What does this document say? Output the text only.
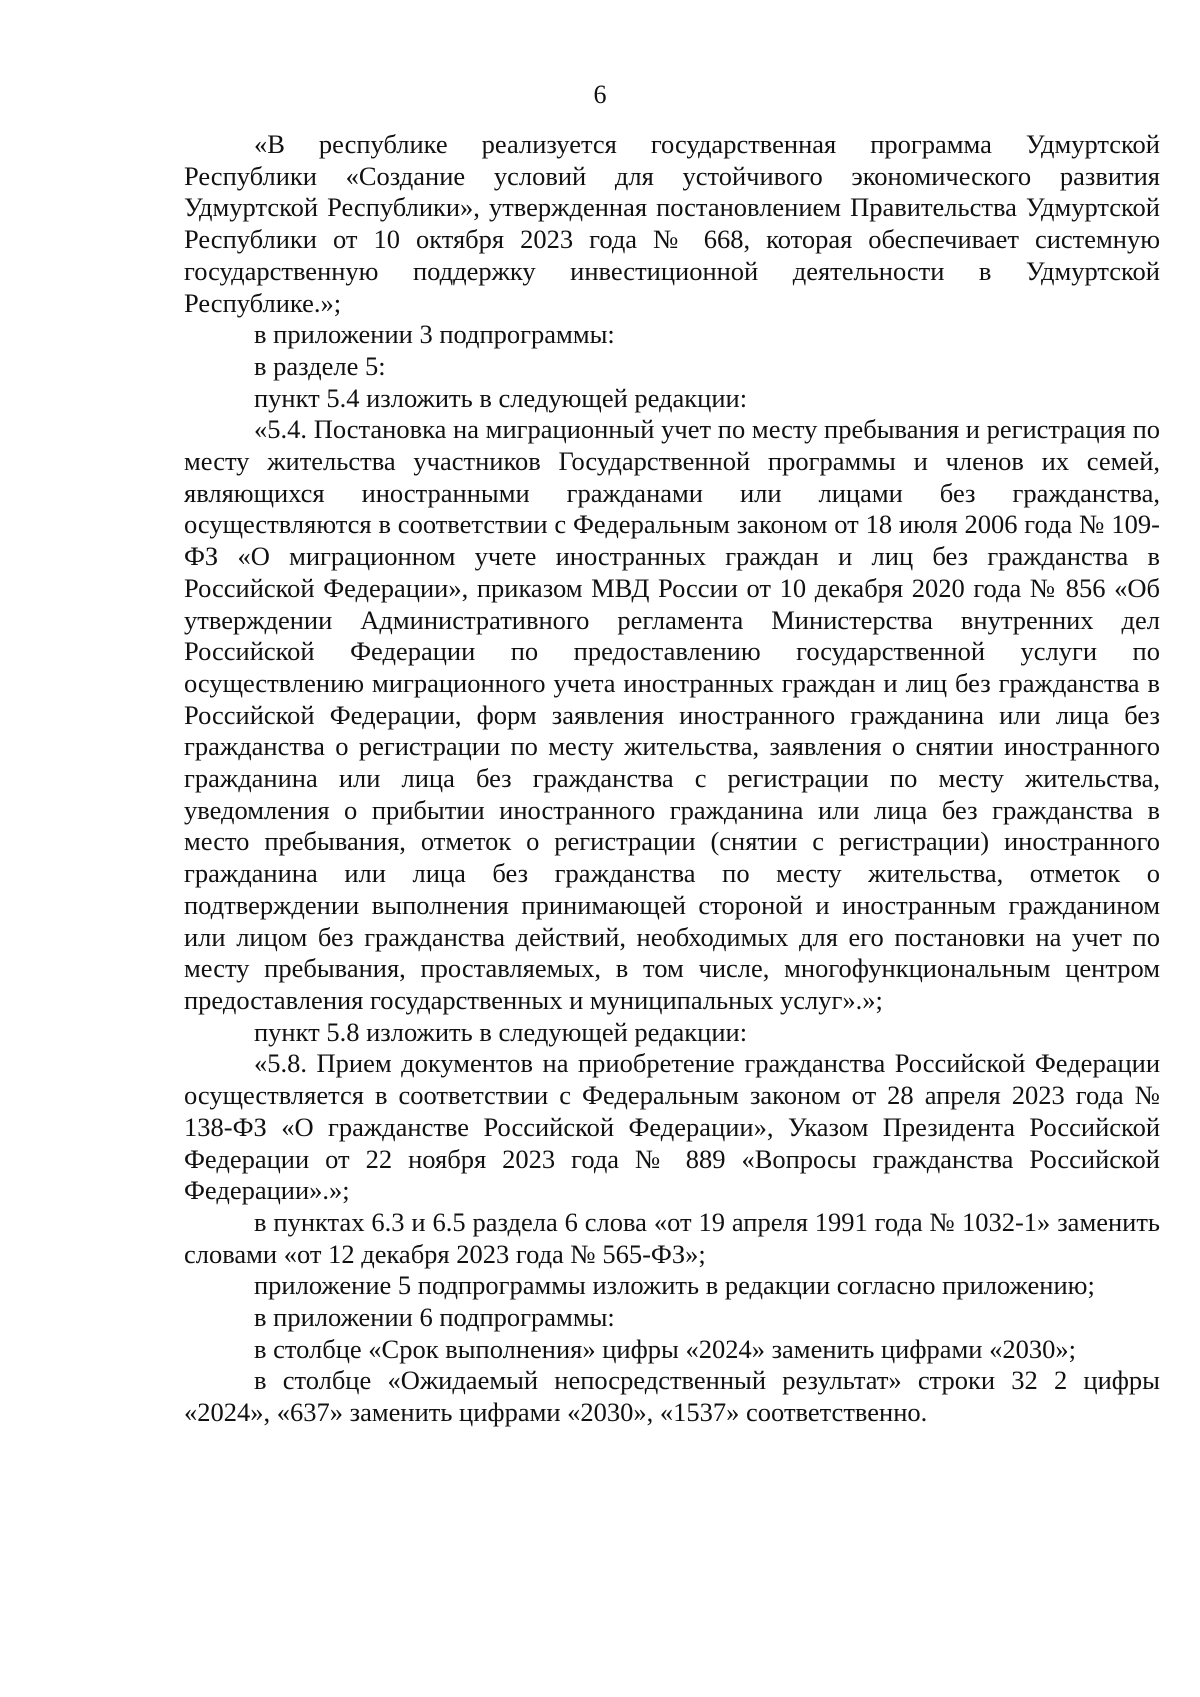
6

«В республике реализуется государственная программа Удмуртской Республики «Создание условий для устойчивого экономического развития Удмуртской Республики», утвержденная постановлением Правительства Удмуртской Республики от 10 октября 2023 года № 668, которая обеспечивает системную государственную поддержку инвестиционной деятельности в Удмуртской Республике.»;

в приложении 3 подпрограммы:

в разделе 5:

пункт 5.4 изложить в следующей редакции:

«5.4. Постановка на миграционный учет по месту пребывания и регистрация по месту жительства участников Государственной программы и членов их семей, являющихся иностранными гражданами или лицами без гражданства, осуществляются в соответствии с Федеральным законом от 18 июля 2006 года № 109-ФЗ «О миграционном учете иностранных граждан и лиц без гражданства в Российской Федерации», приказом МВД России от 10 декабря 2020 года № 856 «Об утверждении Административного регламента Министерства внутренних дел Российской Федерации по предоставлению государственной услуги по осуществлению миграционного учета иностранных граждан и лиц без гражданства в Российской Федерации, форм заявления иностранного гражданина или лица без гражданства о регистрации по месту жительства, заявления о снятии иностранного гражданина или лица без гражданства с регистрации по месту жительства, уведомления о прибытии иностранного гражданина или лица без гражданства в место пребывания, отметок о регистрации (снятии с регистрации) иностранного гражданина или лица без гражданства по месту жительства, отметок о подтверждении выполнения принимающей стороной и иностранным гражданином или лицом без гражданства действий, необходимых для его постановки на учет по месту пребывания, проставляемых, в том числе, многофункциональным центром предоставления государственных и муниципальных услуг».»;

пункт 5.8 изложить в следующей редакции:

«5.8. Прием документов на приобретение гражданства Российской Федерации осуществляется в соответствии с Федеральным законом от 28 апреля 2023 года № 138-ФЗ «О гражданстве Российской Федерации», Указом Президента Российской Федерации от 22 ноября 2023 года № 889 «Вопросы гражданства Российской Федерации».»;

в пунктах 6.3 и 6.5 раздела 6 слова «от 19 апреля 1991 года № 1032-1» заменить словами «от 12 декабря 2023 года № 565-ФЗ»;

приложение 5 подпрограммы изложить в редакции согласно приложению;

в приложении 6 подпрограммы:

в столбце «Срок выполнения» цифры «2024» заменить цифрами «2030»;

в столбце «Ожидаемый непосредственный результат» строки 32 2 цифры «2024», «637» заменить цифрами «2030», «1537» соответственно.
